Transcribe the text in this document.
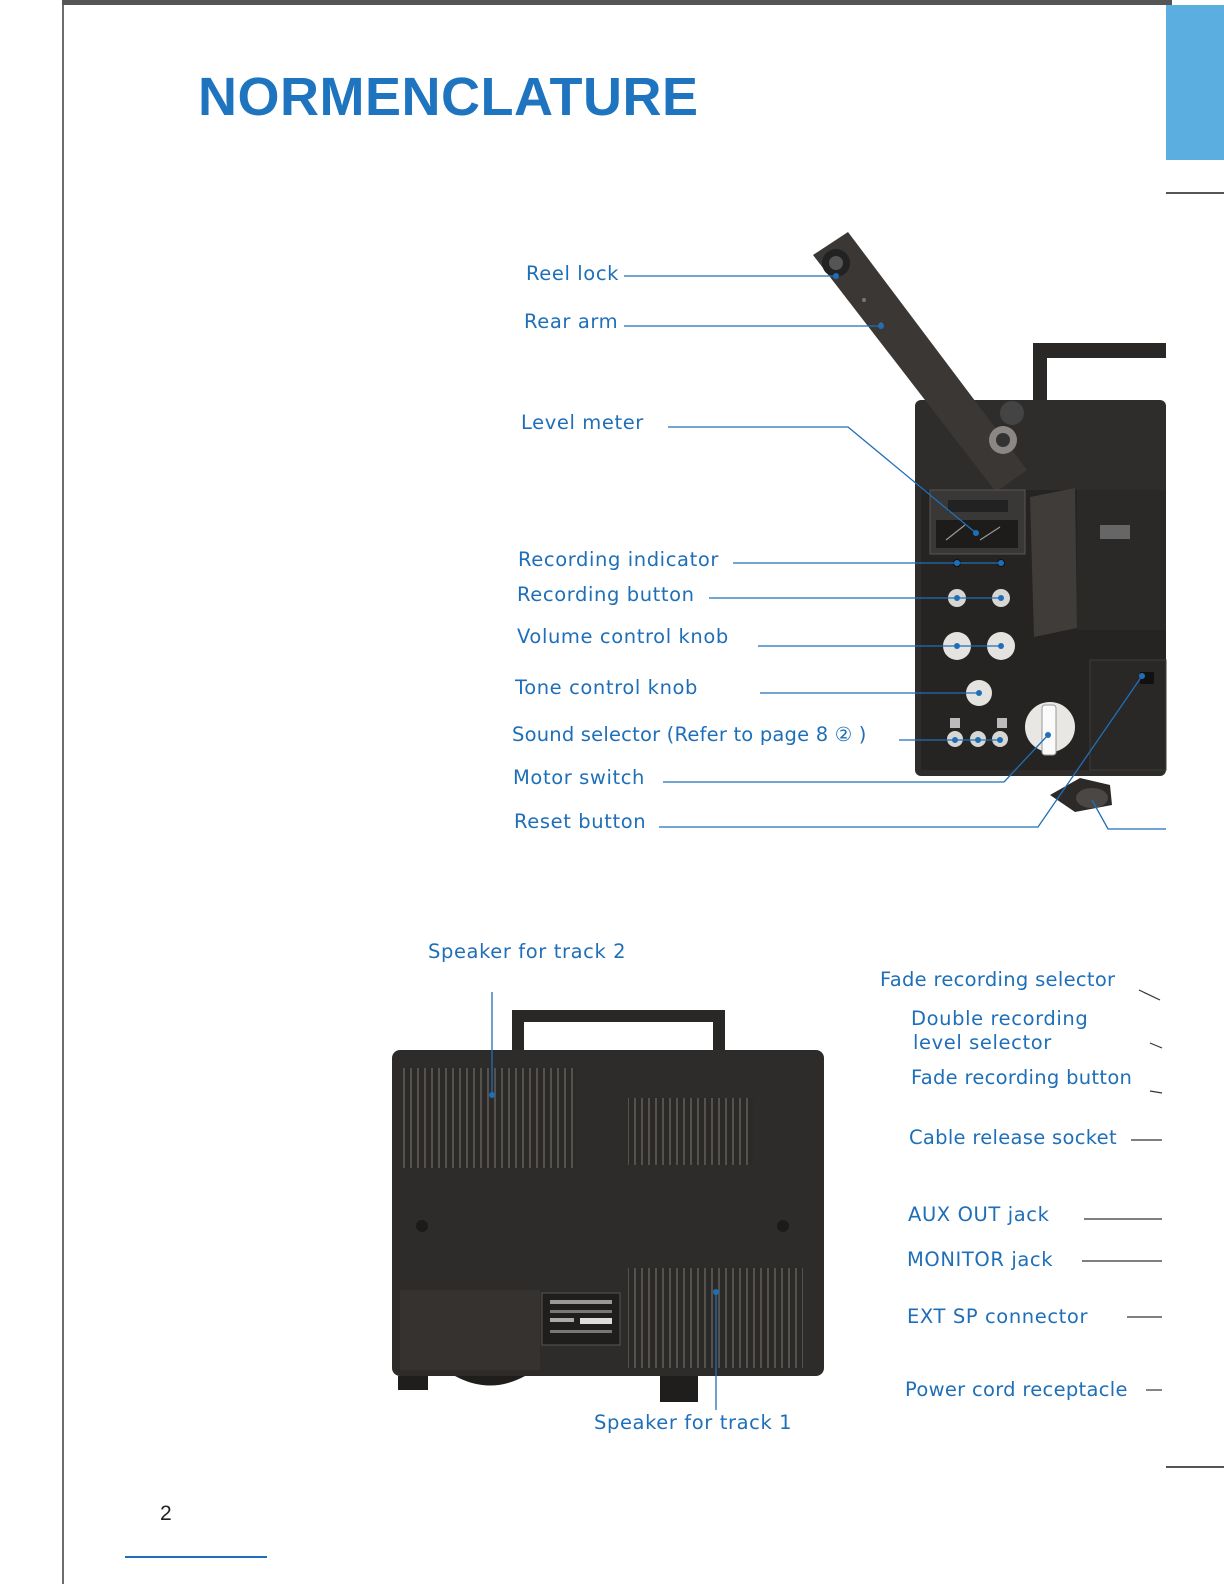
NORMENCLATURE
Reel lock
Rear arm
Level meter
Recording indicator
Recording button
Volume control knob
Tone control knob
Sound selector (Refer to page 8 ② )
Motor switch
Reset button
Speaker for track 2
Speaker for track 1
Fade recording selector
Double recording
level selector
Fade recording button
Cable release socket
AUX OUT jack
MONITOR jack
EXT SP connector
Power cord receptacle
2
